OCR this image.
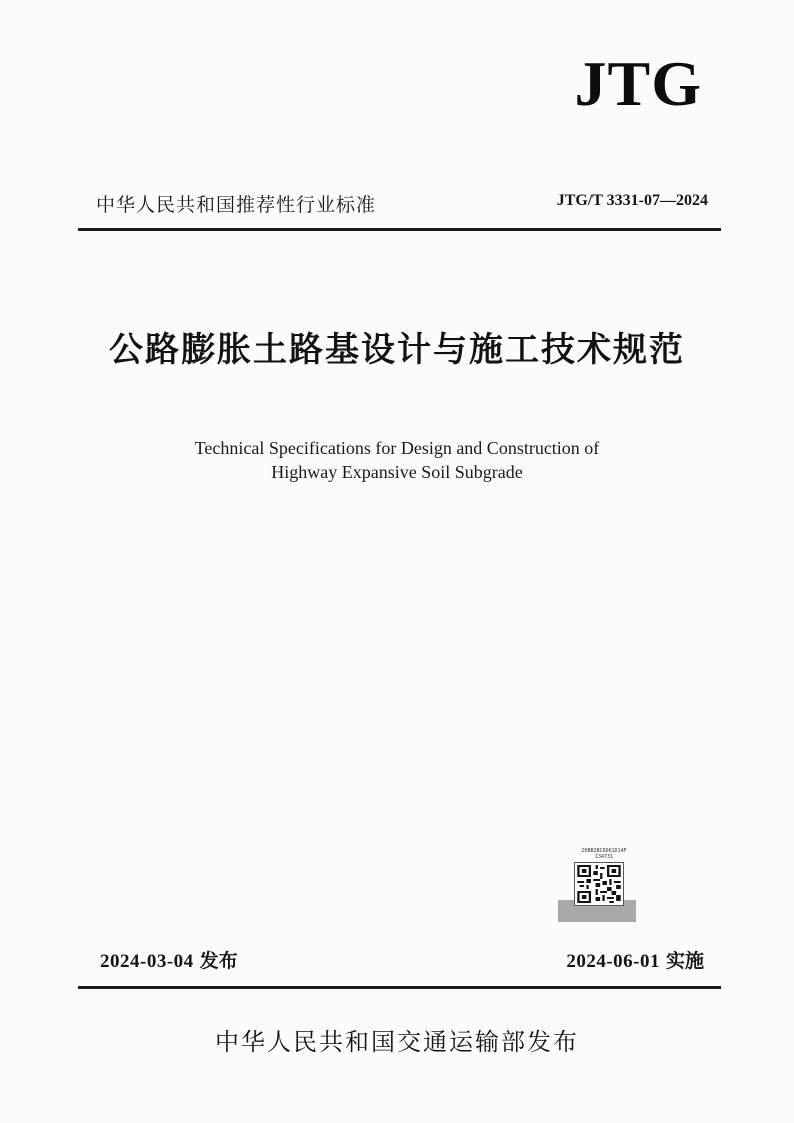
JTG
中华人民共和国推荐性行业标准	JTG/T 3331-07—2024
公路膨胀土路基设计与施工技术规范
Technical Specifications for Design and Construction of
Highway Expansive Soil Subgrade
20BB2BC6D61D14F
134731
2024-03-04 发布	2024-06-01 实施
中华人民共和国交通运输部发布
